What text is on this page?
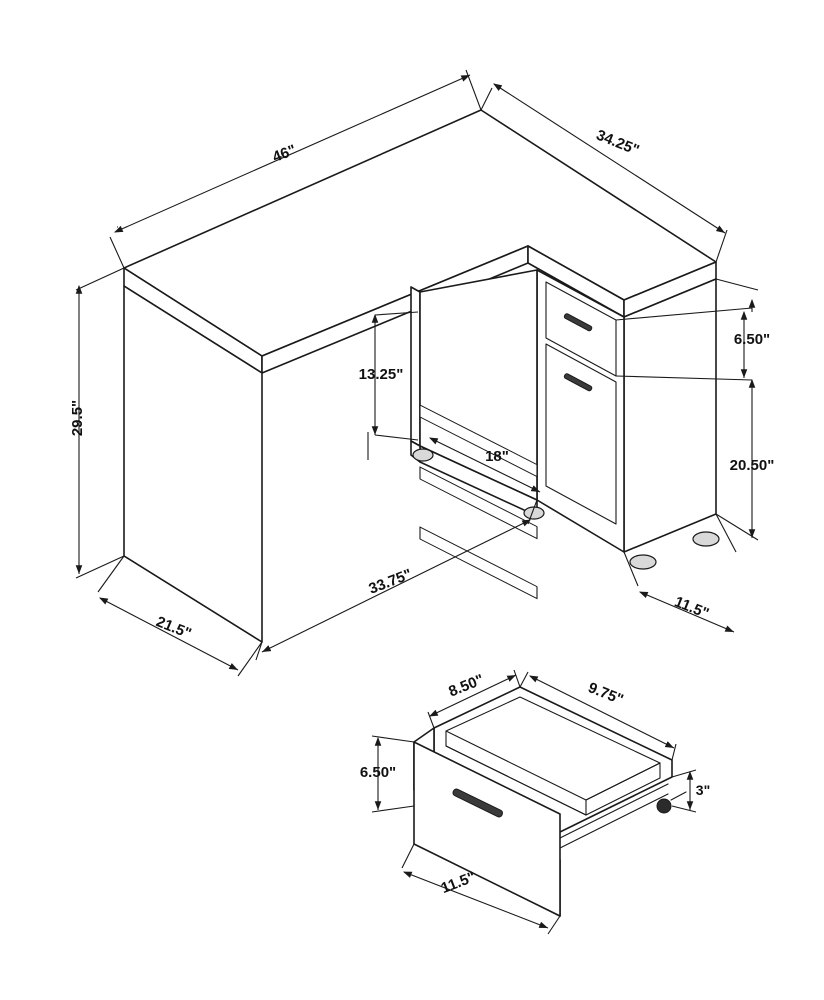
46"	34.25"
29.5"
21.5"
33.75"
13.25"
18"
6.50"
20.50"
11.5"
8.50"	9.75"
6.50"
3"
11.5"
